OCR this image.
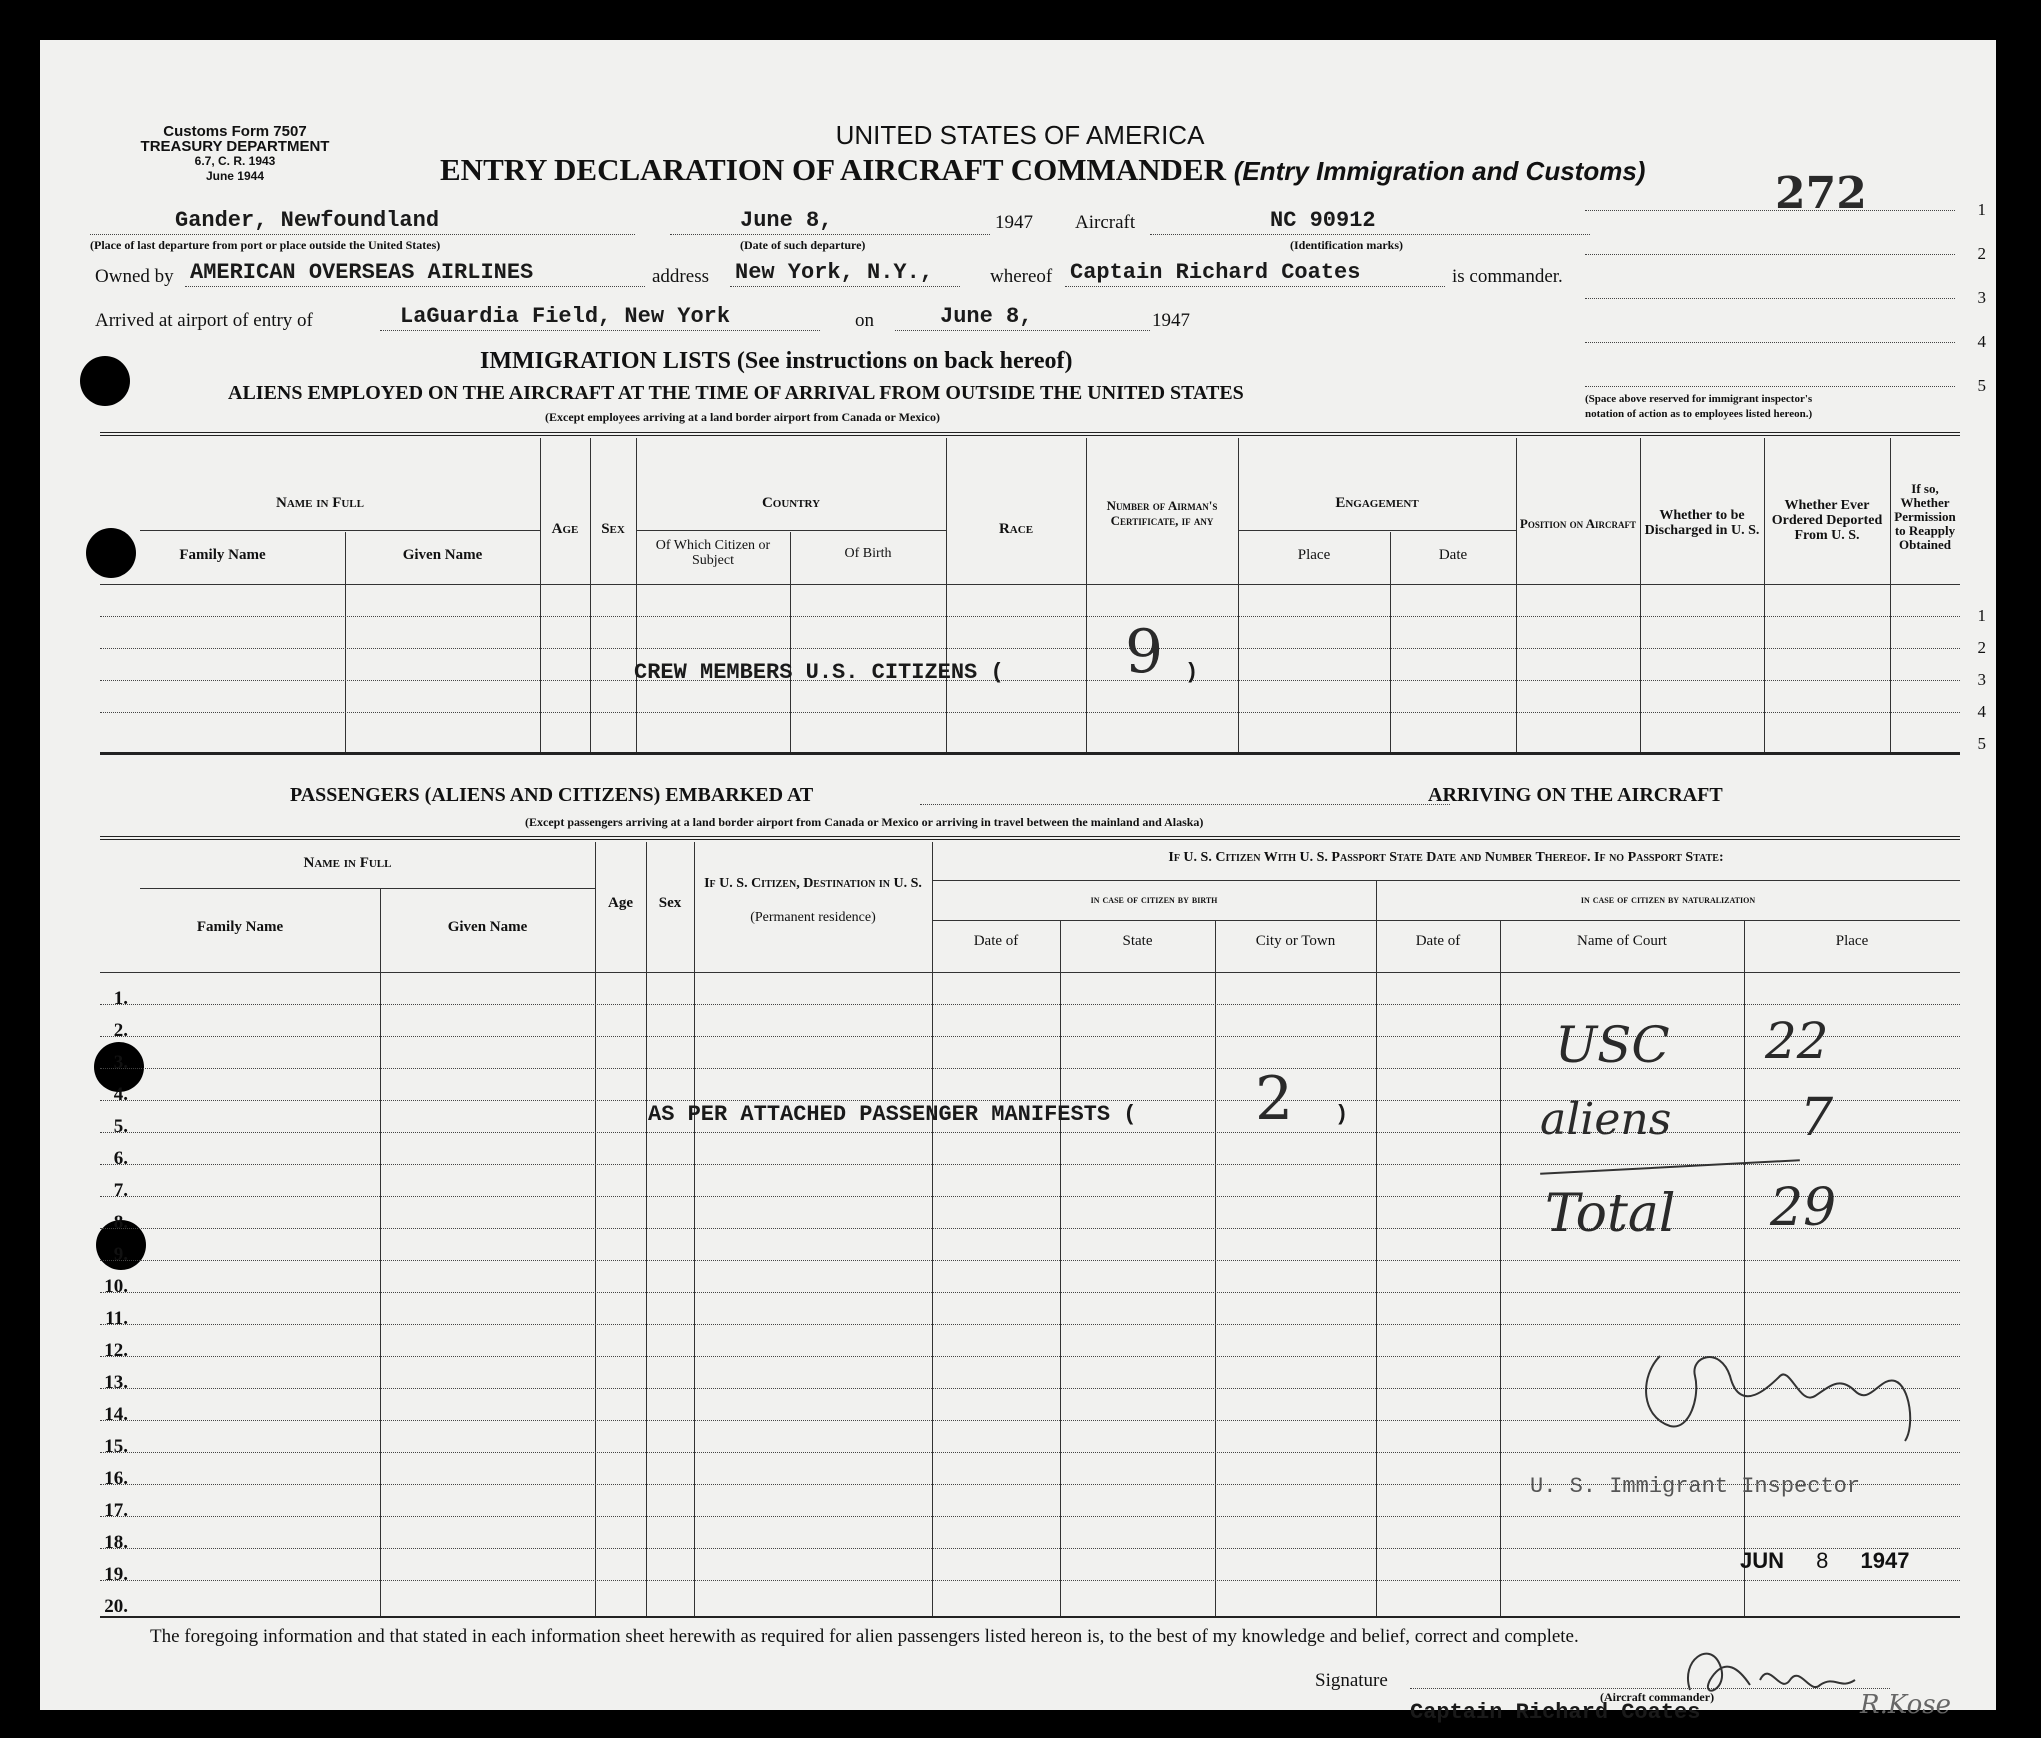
Customs Form 7507
TREASURY DEPARTMENT
6.7, C. R. 1943
June 1944
UNITED STATES OF AMERICA
ENTRY DECLARATION OF AIRCRAFT COMMANDER (Entry Immigration and Customs)	272	1
2
3
4
5
(Space above reserved for immigrant inspector's
notation of action as to employees listed hereon.)
Gander, Newfoundland
(Place of last departure from port or place outside the United States)
June 8,
(Date of such departure)
1947 Aircraft	NC 90912
(Identification marks)
Owned by AMERICAN OVERSEAS AIRLINES	address New York, N.Y.,	whereof Captain Richard Coates	is commander.
Arrived at airport of entry of	LaGuardia Field, New York	on	June 8,	1947
IMMIGRATION LISTS (See instructions on back hereof)
ALIENS EMPLOYED ON THE AIRCRAFT AT THE TIME OF ARRIVAL FROM OUTSIDE THE UNITED STATES
(Except employees arriving at a land border airport from Canada or Mexico)
Name in Full
Family Name	Given Name
Age	Sex
Country
Of Which Citizen or Subject	Of Birth
Race
Number of Airman's Certificate, if any
Engagement
Place	Date
Position on Aircraft
Whether to be Discharged in U. S.
Whether Ever Ordered Deported From U. S.
If so, Whether Permission to Reapply Obtained
CREW MEMBERS U.S. CITIZENS ( 9 )
1
2
3
4
5
PASSENGERS (ALIENS AND CITIZENS) EMBARKED AT	ARRIVING ON THE AIRCRAFT
(Except passengers arriving at a land border airport from Canada or Mexico or arriving in travel between the mainland and Alaska)
Name in Full
Family Name	Given Name
Age	Sex
If U. S. Citizen, Destination in U. S.
(Permanent residence)
If U. S. Citizen With U. S. Passport State Date and Number Thereof. If no Passport State:
in case of citizen by birth	in case of citizen by naturalization
Date of	State	City or Town	Date of	Name of Court	Place
AS PER ATTACHED PASSENGER MANIFESTS ( 2 )
USC 22
aliens 7
Total 29
U. S. Immigrant Inspector
JUN 8 1947
1.
2.
3.
4.
5.
6.
7.
8.
9.
10.
11.
12.
13.
14.
15.
16.
17.
18.
19.
20.
The foregoing information and that stated in each information sheet herewith as required for alien passengers listed hereon is, to the best of my knowledge and belief, correct and complete.
Signature
(Aircraft commander)
Captain Richard Coates	R.Kose
